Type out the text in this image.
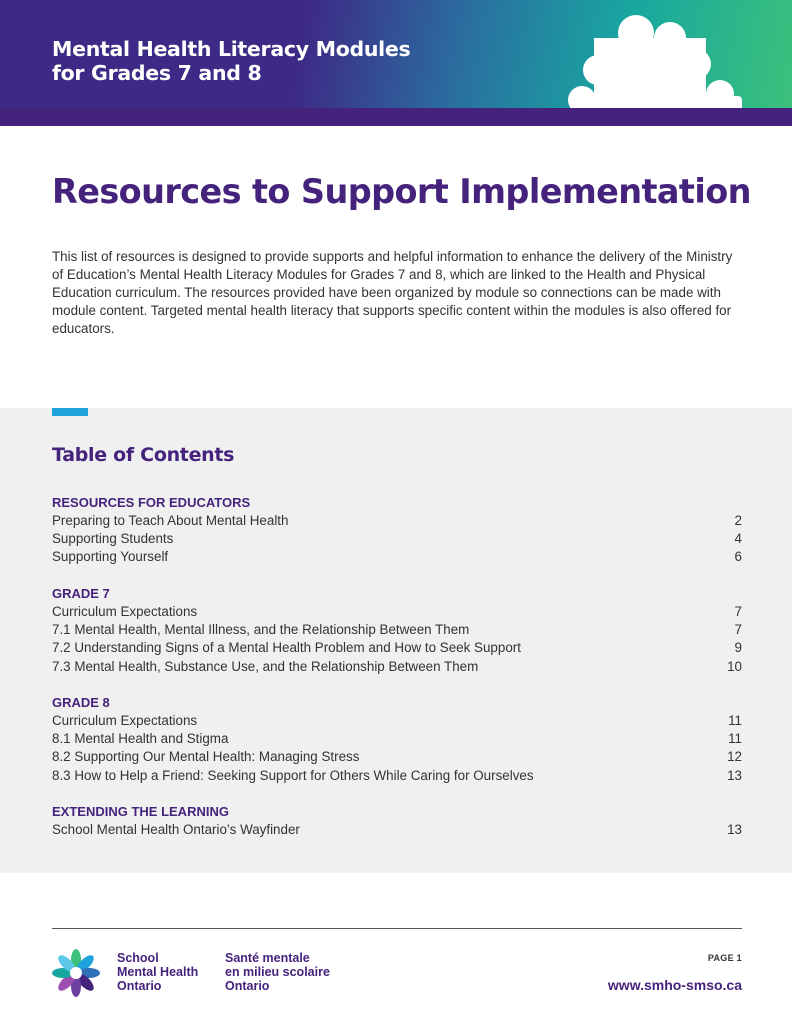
Mental Health Literacy Modules
for Grades 7 and 8
Resources to Support Implementation

This list of resources is designed to provide supports and helpful information to enhance the delivery of the Ministry of Education’s Mental Health Literacy Modules for Grades 7 and 8, which are linked to the Health and Physical Education curriculum. The resources provided have been organized by module so connections can be made with module content. Targeted mental health literacy that supports specific content within the modules is also offered for educators.

Table of Contents
RESOURCES FOR EDUCATORS
Preparing to Teach About Mental Health	2
Supporting Students	4
Supporting Yourself	6
GRADE 7
Curriculum Expectations	7
7.1 Mental Health, Mental Illness, and the Relationship Between Them	7
7.2 Understanding Signs of a Mental Health Problem and How to Seek Support	9
7.3 Mental Health, Substance Use, and the Relationship Between Them	10
GRADE 8
Curriculum Expectations	11
8.1 Mental Health and Stigma	11
8.2 Supporting Our Mental Health: Managing Stress	12
8.3 How to Help a Friend: Seeking Support for Others While Caring for Ourselves	13
EXTENDING THE LEARNING
School Mental Health Ontario’s Wayfinder	13
School
Mental Health
Ontario
Santé mentale
en milieu scolaire
Ontario
PAGE 1
www.smho-smso.ca
